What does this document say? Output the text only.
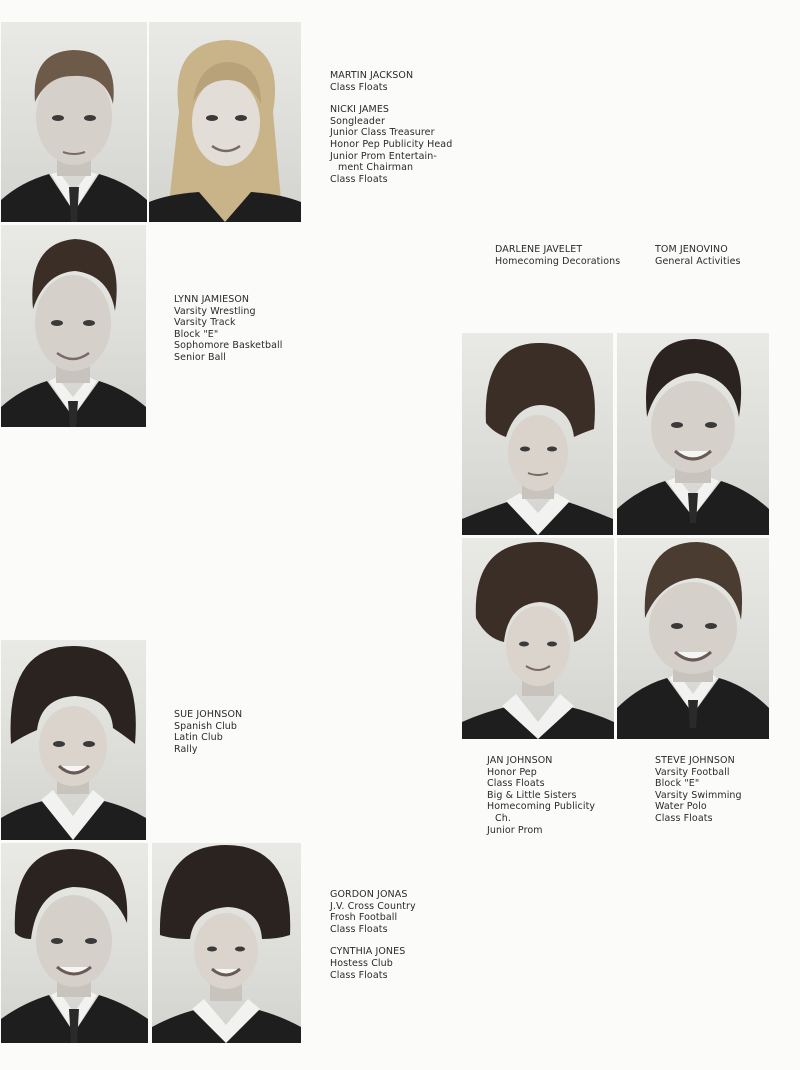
MARTIN JACKSON
Class Floats
NICKI JAMES
Songleader
Junior Class Treasurer
Honor Pep Publicity Head
Junior Prom Entertain-
ment Chairman
Class Floats
DARLENE JAVELET
Homecoming Decorations
TOM JENOVINO
General Activities
LYNN JAMIESON
Varsity Wrestling
Varsity Track
Block "E"
Sophomore Basketball
Senior Ball
SUE JOHNSON
Spanish Club
Latin Club
Rally
JAN JOHNSON
Honor Pep
Class Floats
Big & Little Sisters
Homecoming Publicity
Ch.
Junior Prom
STEVE JOHNSON
Varsity Football
Block "E"
Varsity Swimming
Water Polo
Class Floats
GORDON JONAS
J.V. Cross Country
Frosh Football
Class Floats
CYNTHIA JONES
Hostess Club
Class Floats
